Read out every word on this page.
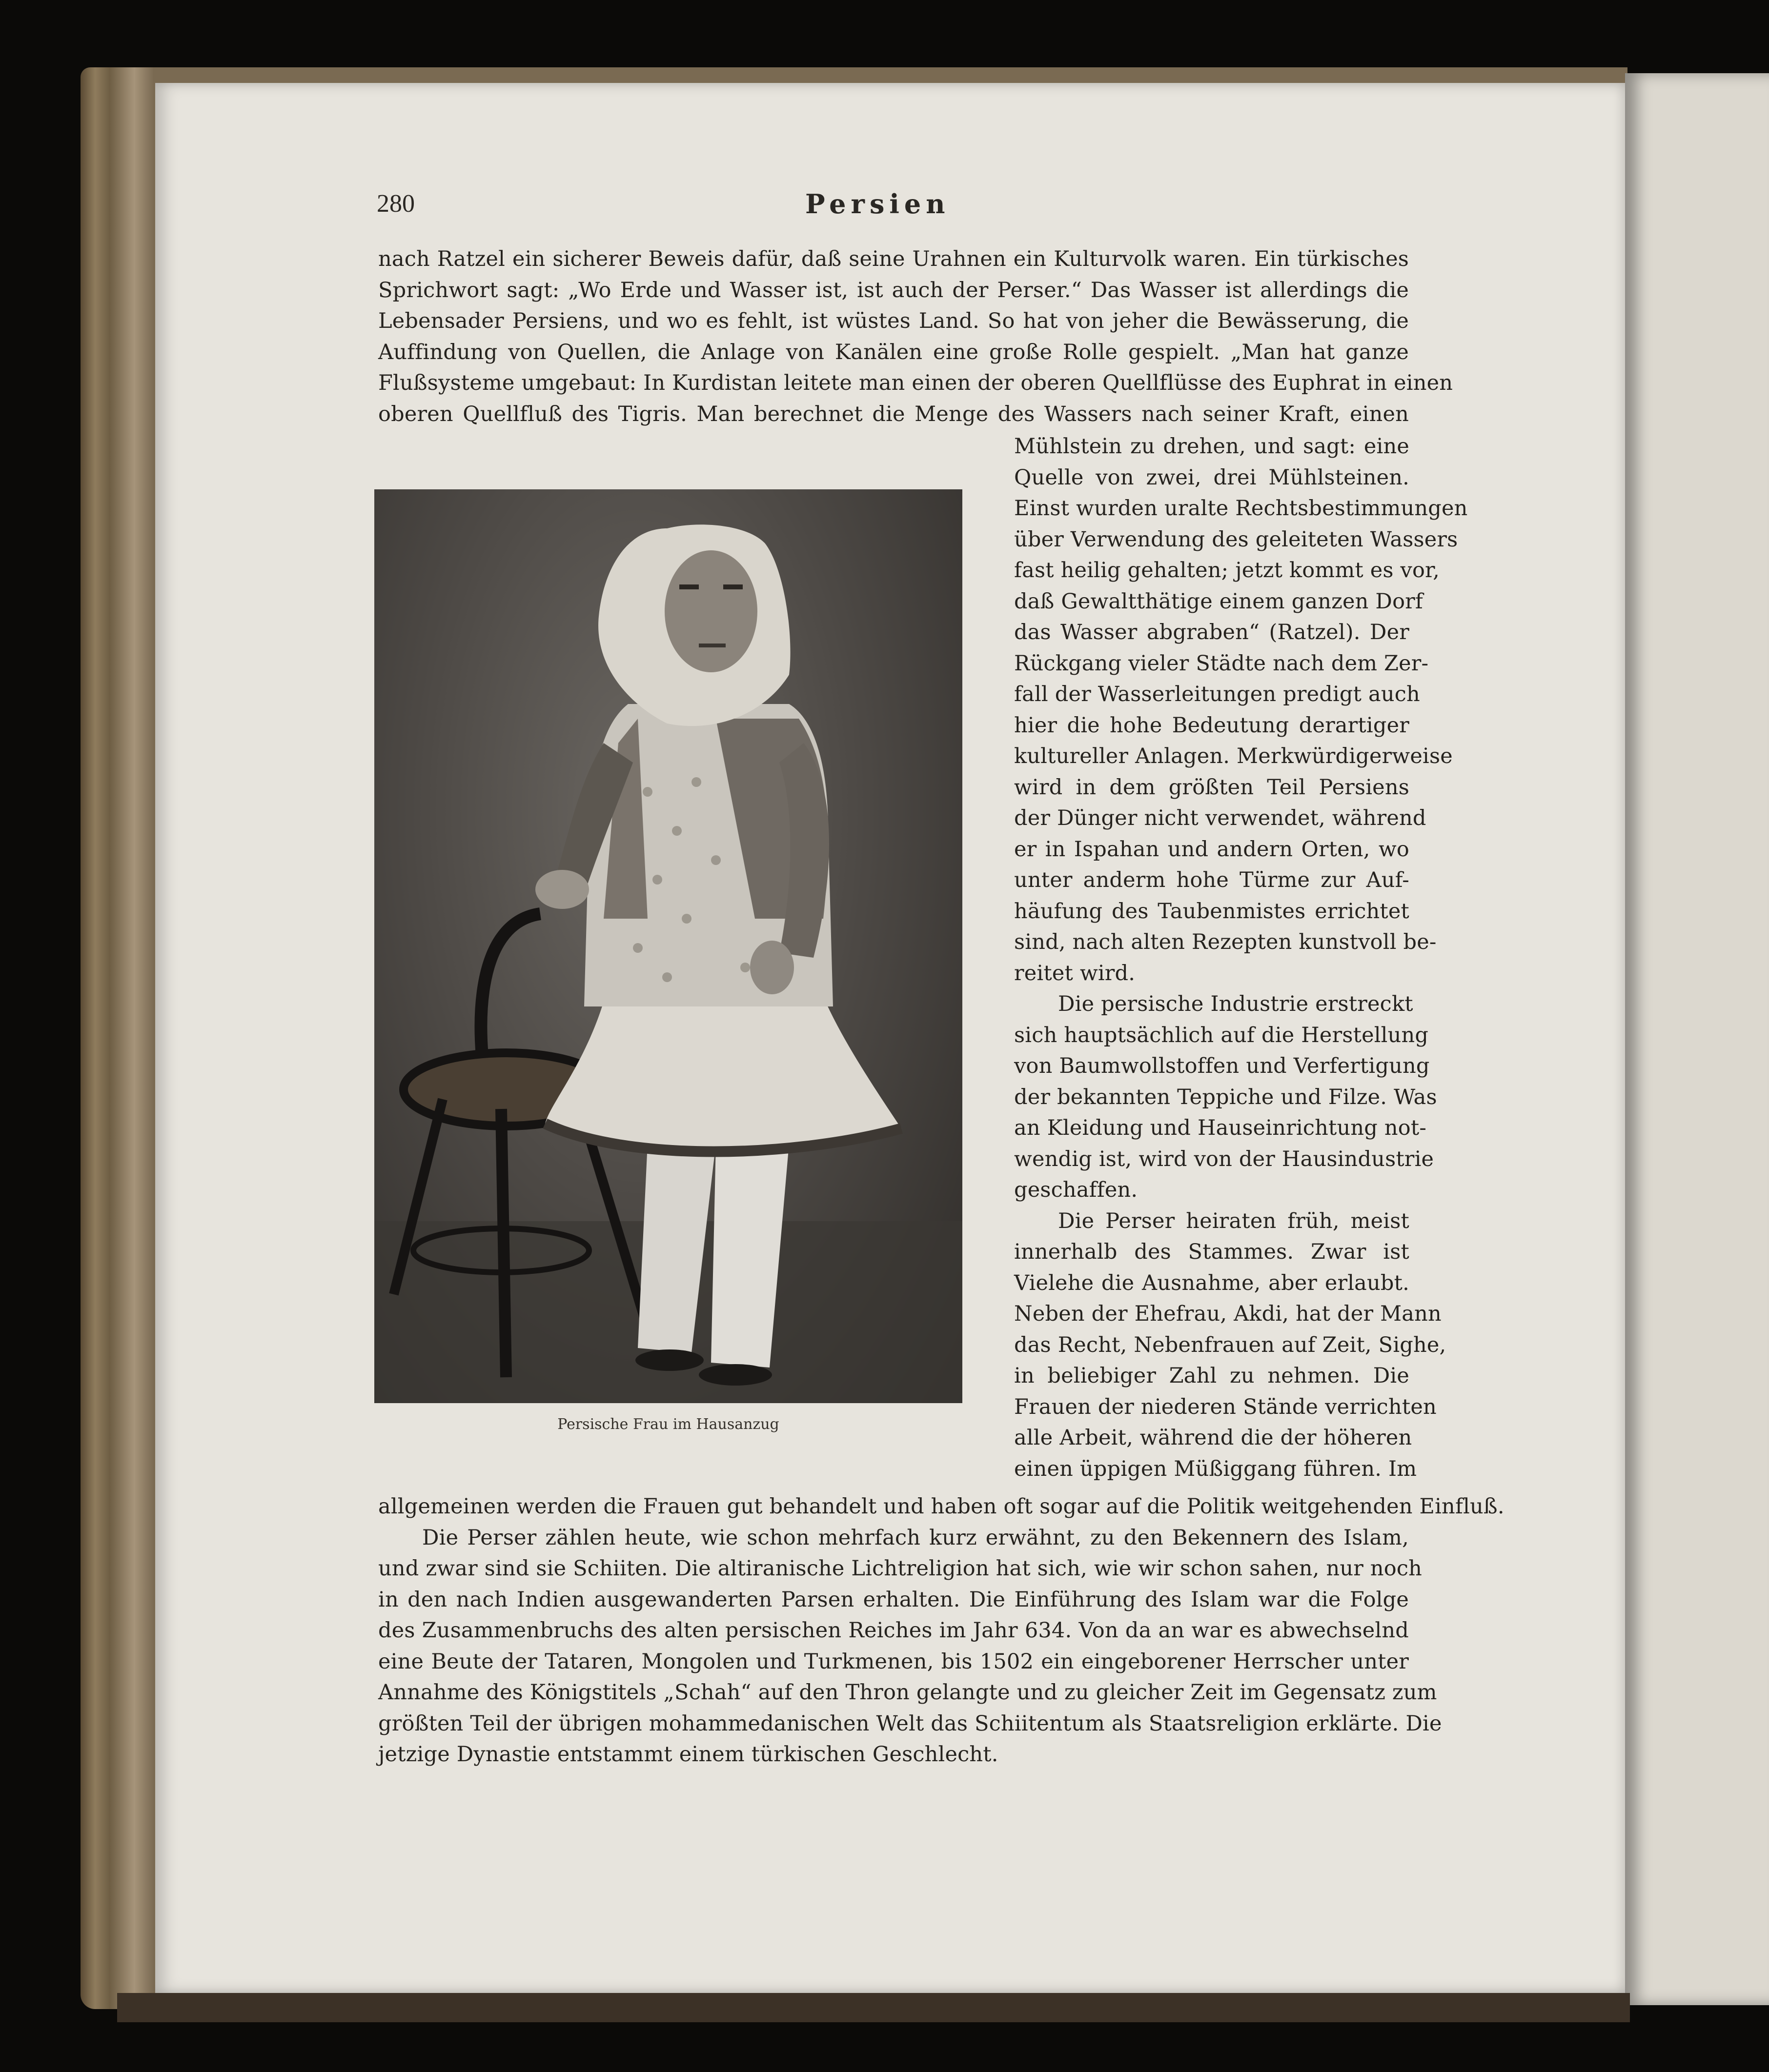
280	Persien
nach Ratzel ein sicherer Beweis dafür, daß seine Urahnen ein Kulturvolk waren. Ein türkisches
Sprichwort sagt: „Wo Erde und Wasser ist, ist auch der Perser.“ Das Wasser ist allerdings die
Lebensader Persiens, und wo es fehlt, ist wüstes Land. So hat von jeher die Bewässerung, die
Auffindung von Quellen, die Anlage von Kanälen eine große Rolle gespielt. „Man hat ganze
Flußsysteme umgebaut: In Kurdistan leitete man einen der oberen Quellflüsse des Euphrat in einen
oberen Quellfluß des Tigris. Man berechnet die Menge des Wassers nach seiner Kraft, einen
Persische Frau im Hausanzug
Mühlstein zu drehen, und sagt: eine
Quelle von zwei, drei Mühlsteinen.
Einst wurden uralte Rechtsbestimmungen
über Verwendung des geleiteten Wassers
fast heilig gehalten; jetzt kommt es vor,
daß Gewaltthätige einem ganzen Dorf
das Wasser abgraben“ (Ratzel). Der
Rückgang vieler Städte nach dem Zer-
fall der Wasserleitungen predigt auch
hier die hohe Bedeutung derartiger
kultureller Anlagen. Merkwürdigerweise
wird in dem größten Teil Persiens
der Dünger nicht verwendet, während
er in Ispahan und andern Orten, wo
unter anderm hohe Türme zur Auf-
häufung des Taubenmistes errichtet
sind, nach alten Rezepten kunstvoll be-
reitet wird.
Die persische Industrie erstreckt
sich hauptsächlich auf die Herstellung
von Baumwollstoffen und Verfertigung
der bekannten Teppiche und Filze. Was
an Kleidung und Hauseinrichtung not-
wendig ist, wird von der Hausindustrie
geschaffen.
Die Perser heiraten früh, meist
innerhalb des Stammes. Zwar ist
Vielehe die Ausnahme, aber erlaubt.
Neben der Ehefrau, Akdi, hat der Mann
das Recht, Nebenfrauen auf Zeit, Sighe,
in beliebiger Zahl zu nehmen. Die
Frauen der niederen Stände verrichten
alle Arbeit, während die der höheren
einen üppigen Müßiggang führen. Im
allgemeinen werden die Frauen gut behandelt und haben oft sogar auf die Politik weitgehenden Einfluß.
Die Perser zählen heute, wie schon mehrfach kurz erwähnt, zu den Bekennern des Islam,
und zwar sind sie Schiiten. Die altiranische Lichtreligion hat sich, wie wir schon sahen, nur noch
in den nach Indien ausgewanderten Parsen erhalten. Die Einführung des Islam war die Folge
des Zusammenbruchs des alten persischen Reiches im Jahr 634. Von da an war es abwechselnd
eine Beute der Tataren, Mongolen und Turkmenen, bis 1502 ein eingeborener Herrscher unter
Annahme des Königstitels „Schah“ auf den Thron gelangte und zu gleicher Zeit im Gegensatz zum
größten Teil der übrigen mohammedanischen Welt das Schiitentum als Staatsreligion erklärte. Die
jetzige Dynastie entstammt einem türkischen Geschlecht.
